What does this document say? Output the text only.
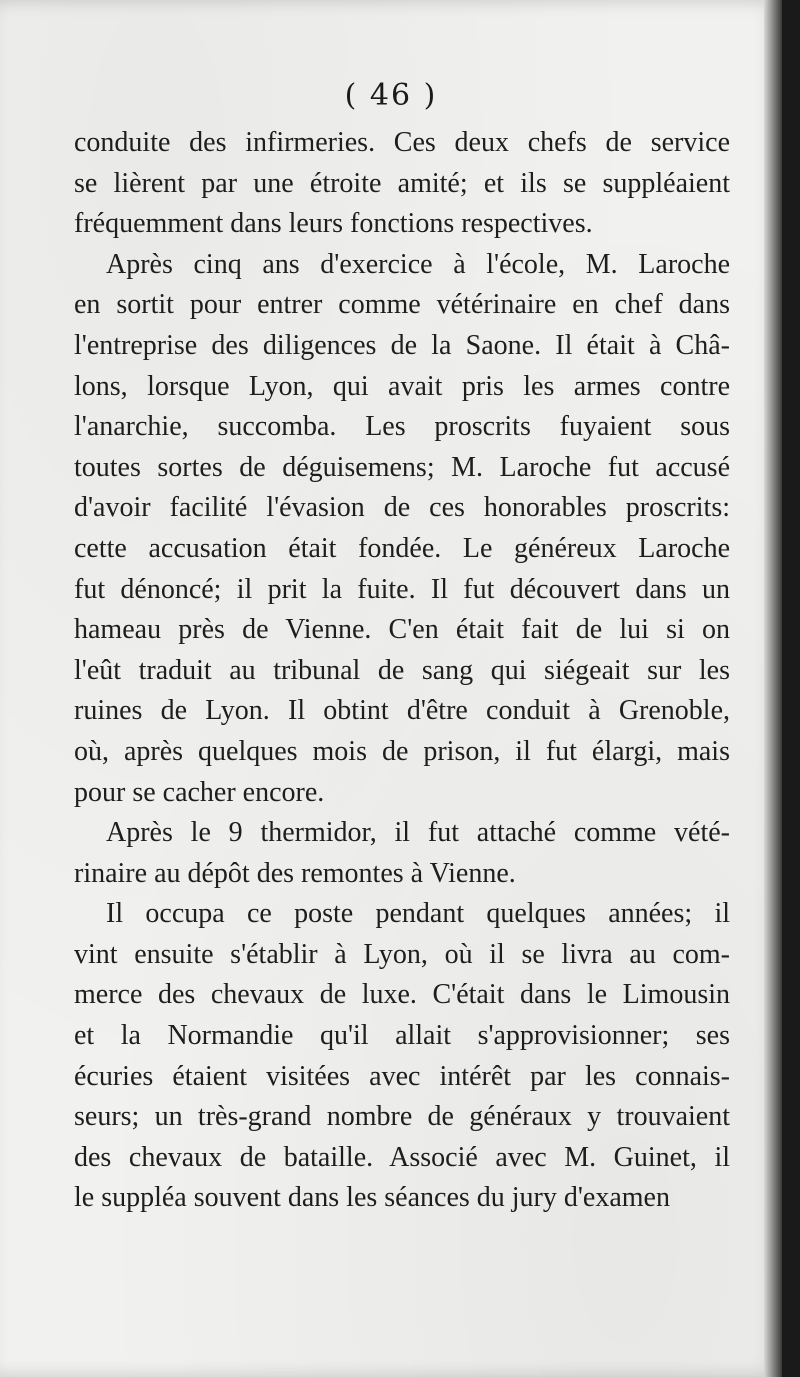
( 46 )
conduite des infirmeries. Ces deux chefs de service
se lièrent par une étroite amité; et ils se suppléaient
fréquemment dans leurs fonctions respectives.
Après cinq ans d'exercice à l'école, M. Laroche
en sortit pour entrer comme vétérinaire en chef dans
l'entreprise des diligences de la Saone. Il était à Châ-
lons, lorsque Lyon, qui avait pris les armes contre
l'anarchie, succomba. Les proscrits fuyaient sous
toutes sortes de déguisemens; M. Laroche fut accusé
d'avoir facilité l'évasion de ces honorables proscrits:
cette accusation était fondée. Le généreux Laroche
fut dénoncé; il prit la fuite. Il fut découvert dans un
hameau près de Vienne. C'en était fait de lui si on
l'eût traduit au tribunal de sang qui siégeait sur les
ruines de Lyon. Il obtint d'être conduit à Grenoble,
où, après quelques mois de prison, il fut élargi, mais
pour se cacher encore.
Après le 9 thermidor, il fut attaché comme vété-
rinaire au dépôt des remontes à Vienne.
Il occupa ce poste pendant quelques années; il
vint ensuite s'établir à Lyon, où il se livra au com-
merce des chevaux de luxe. C'était dans le Limousin
et la Normandie qu'il allait s'approvisionner; ses
écuries étaient visitées avec intérêt par les connais-
seurs; un très-grand nombre de généraux y trouvaient
des chevaux de bataille. Associé avec M. Guinet, il
le suppléa souvent dans les séances du jury d'examen
